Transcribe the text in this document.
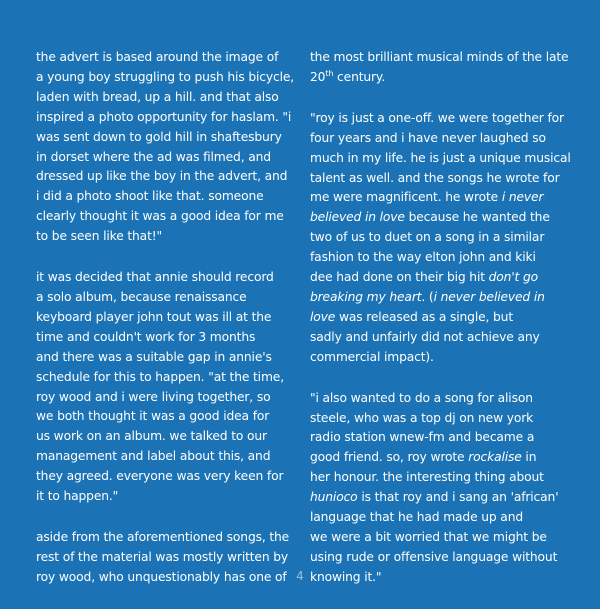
the advert is based around the image of
a young boy struggling to push his bicycle,
laden with bread, up a hill. and that also
inspired a photo opportunity for haslam. "i
was sent down to gold hill in shaftesbury
in dorset where the ad was filmed, and
dressed up like the boy in the advert, and
i did a photo shoot like that. someone
clearly thought it was a good idea for me
to be seen like that!"

it was decided that annie should record
a solo album, because renaissance
keyboard player john tout was ill at the
time and couldn't work for 3 months
and there was a suitable gap in annie's
schedule for this to happen. "at the time,
roy wood and i were living together, so
we both thought it was a good idea for
us work on an album. we talked to our
management and label about this, and
they agreed. everyone was very keen for
it to happen."

aside from the aforementioned songs, the
rest of the material was mostly written by
roy wood, who unquestionably has one of

the most brilliant musical minds of the late
20th century.

"roy is just a one-off. we were together for
four years and i have never laughed so
much in my life. he is just a unique musical
talent as well. and the songs he wrote for
me were magnificent. he wrote i never
believed in love because he wanted the
two of us to duet on a song in a similar
fashion to the way elton john and kiki
dee had done on their big hit don't go
breaking my heart. (i never believed in
love was released as a single, but
sadly and unfairly did not achieve any
commercial impact).

"i also wanted to do a song for alison
steele, who was a top dj on new york
radio station wnew-fm and became a
good friend. so, roy wrote rockalise in
her honour. the interesting thing about
hunioco is that roy and i sang an 'african'
language that he had made up and
we were a bit worried that we might be
using rude or offensive language without
knowing it."

4
